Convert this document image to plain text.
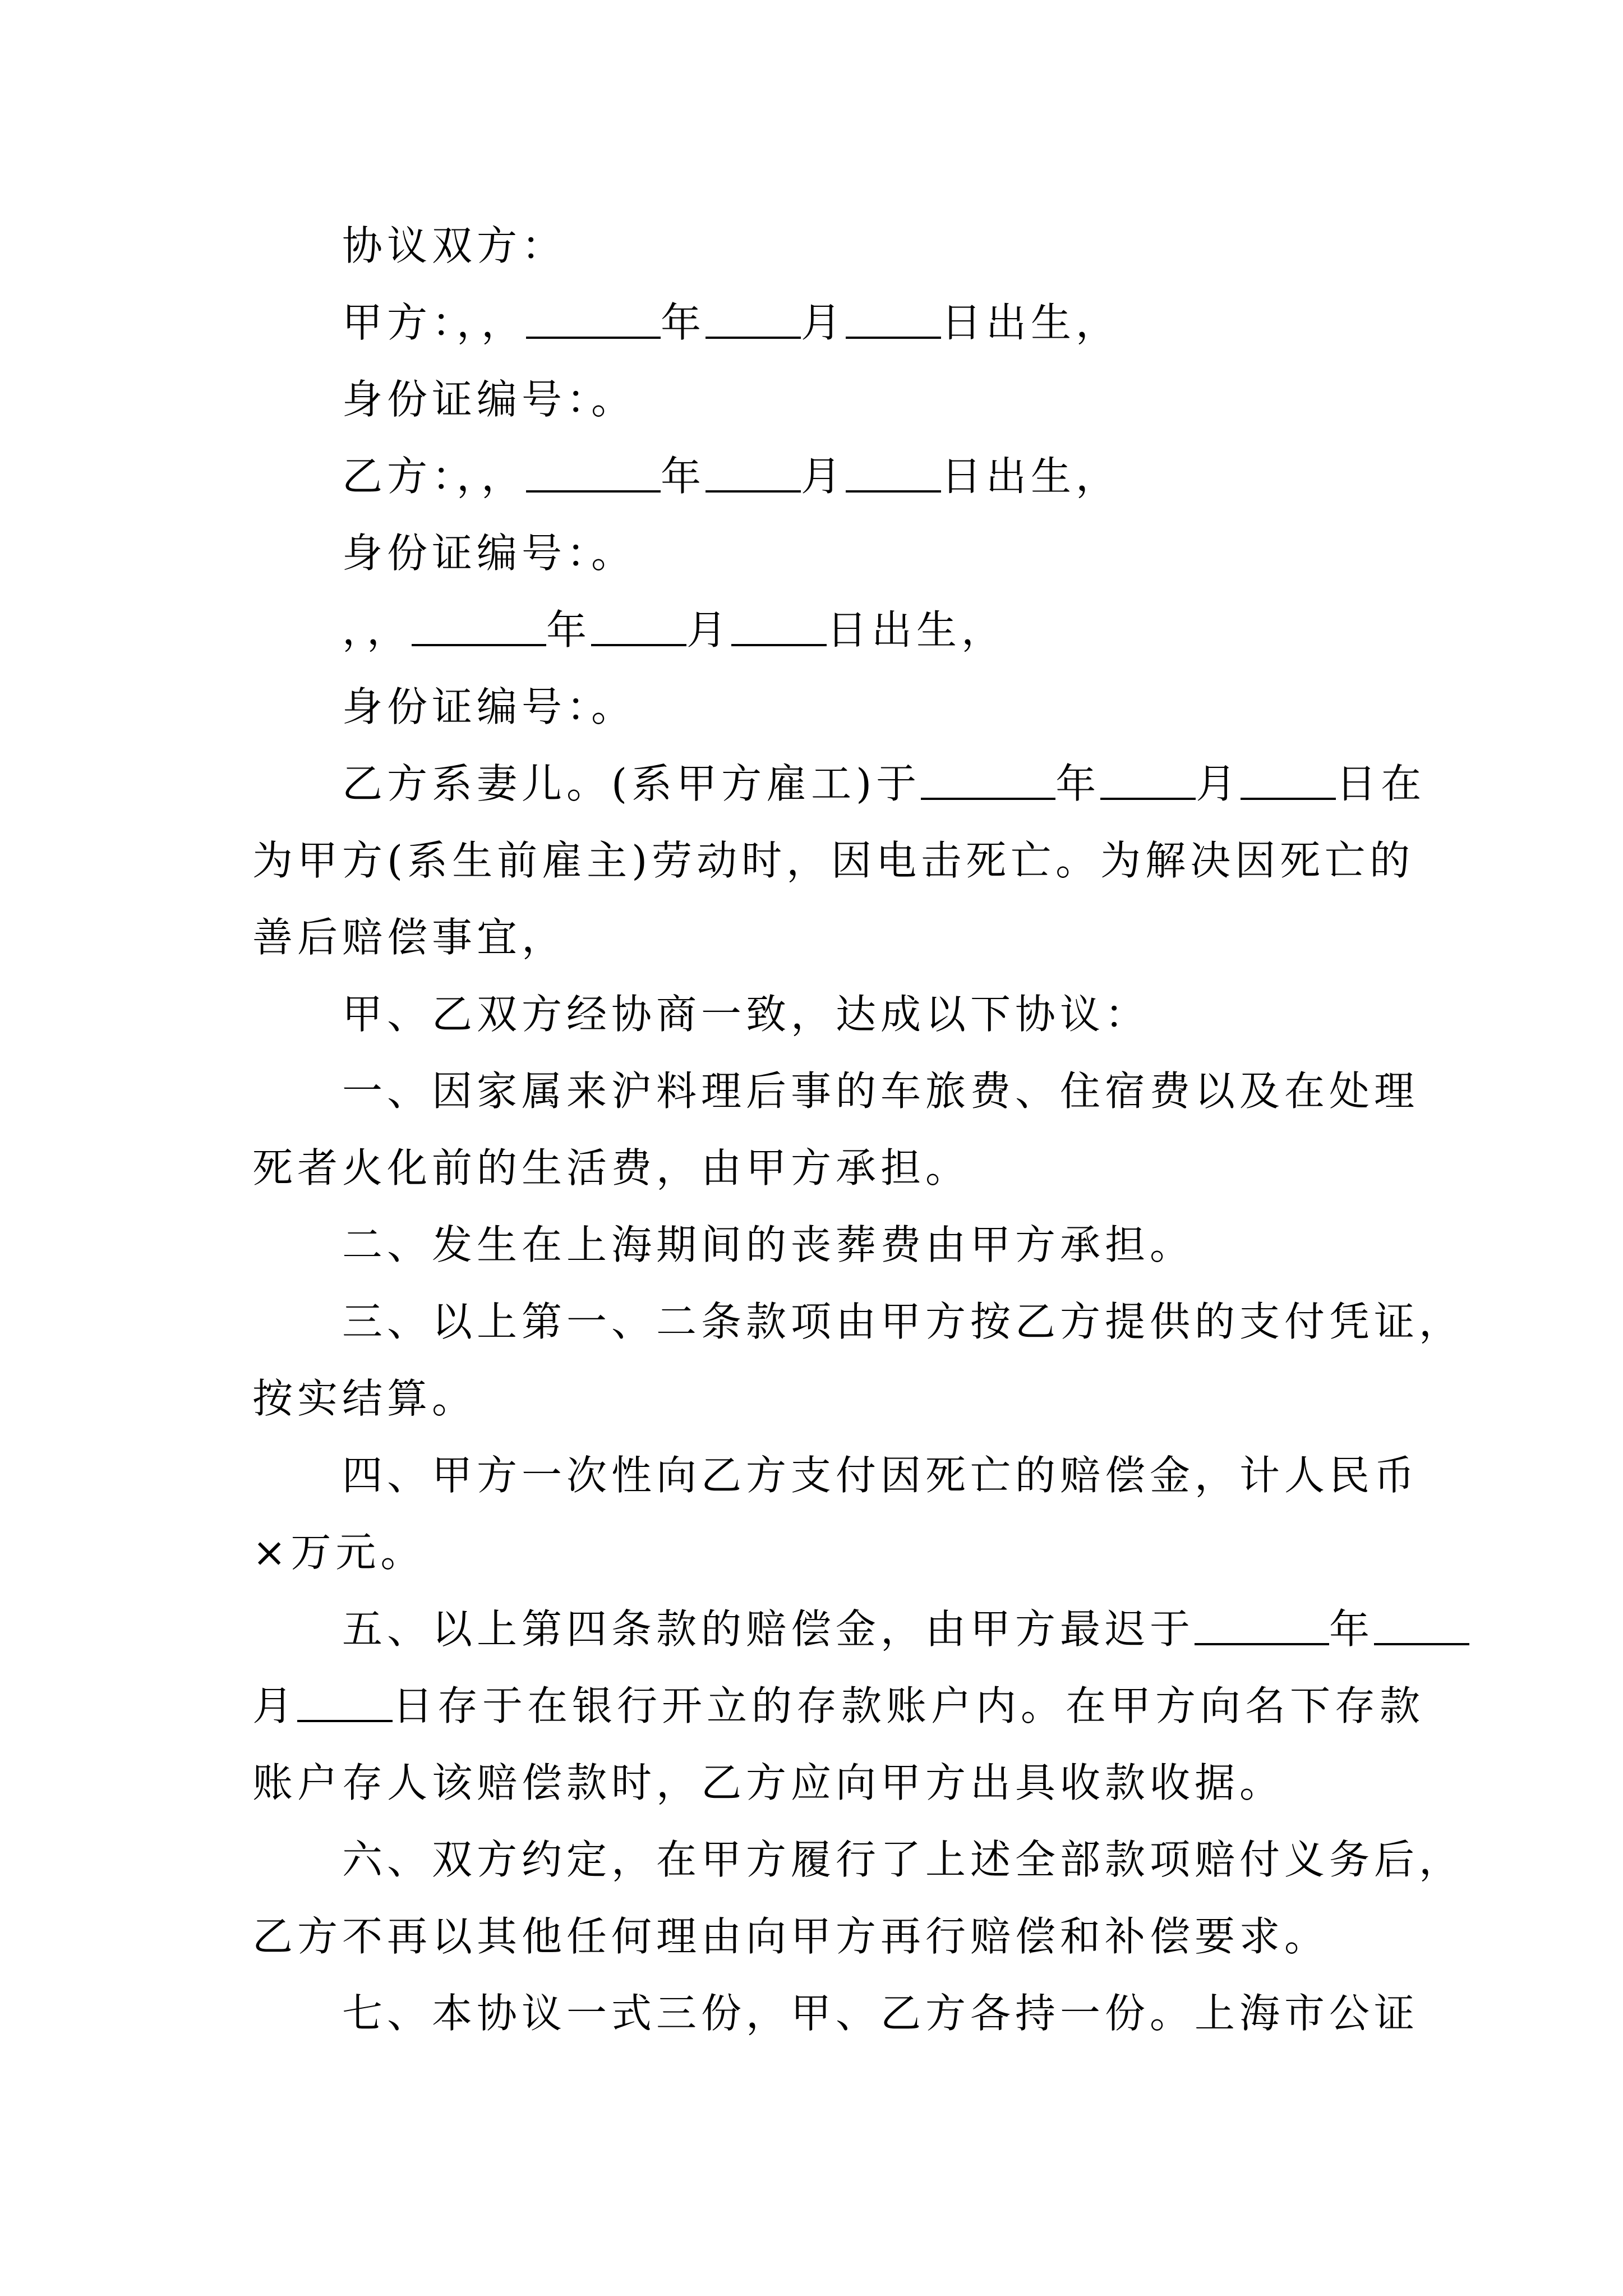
协议双方：
甲方：，，	年 月 日出生，
身份证编号：。
乙方：，，	年 月 日出生，
身份证编号：。
，，	年 月 日出生，
身份证编号：。
乙方系妻儿。(系甲方雇工)于	年 月 日在
为甲方(系生前雇主)劳动时，因电击死亡。为解决因死亡的
善后赔偿事宜，
甲、乙双方经协商一致，达成以下协议：
一、因家属来沪料理后事的车旅费、住宿费以及在处理
死者火化前的生活费，由甲方承担。
二、发生在上海期间的丧葬费由甲方承担。
三、以上第一、二条款项由甲方按乙方提供的支付凭证，
按实结算。
四、甲方一次性向乙方支付因死亡的赔偿金，计人民币
×万元。
五、以上第四条款的赔偿金，由甲方最迟于	年
月 日存于在银行开立的存款账户内。在甲方向名下存款
账户存人该赔偿款时，乙方应向甲方出具收款收据。
六、双方约定，在甲方履行了上述全部款项赔付义务后，
乙方不再以其他任何理由向甲方再行赔偿和补偿要求。
七、本协议一式三份，甲、乙方各持一份。上海市公证
